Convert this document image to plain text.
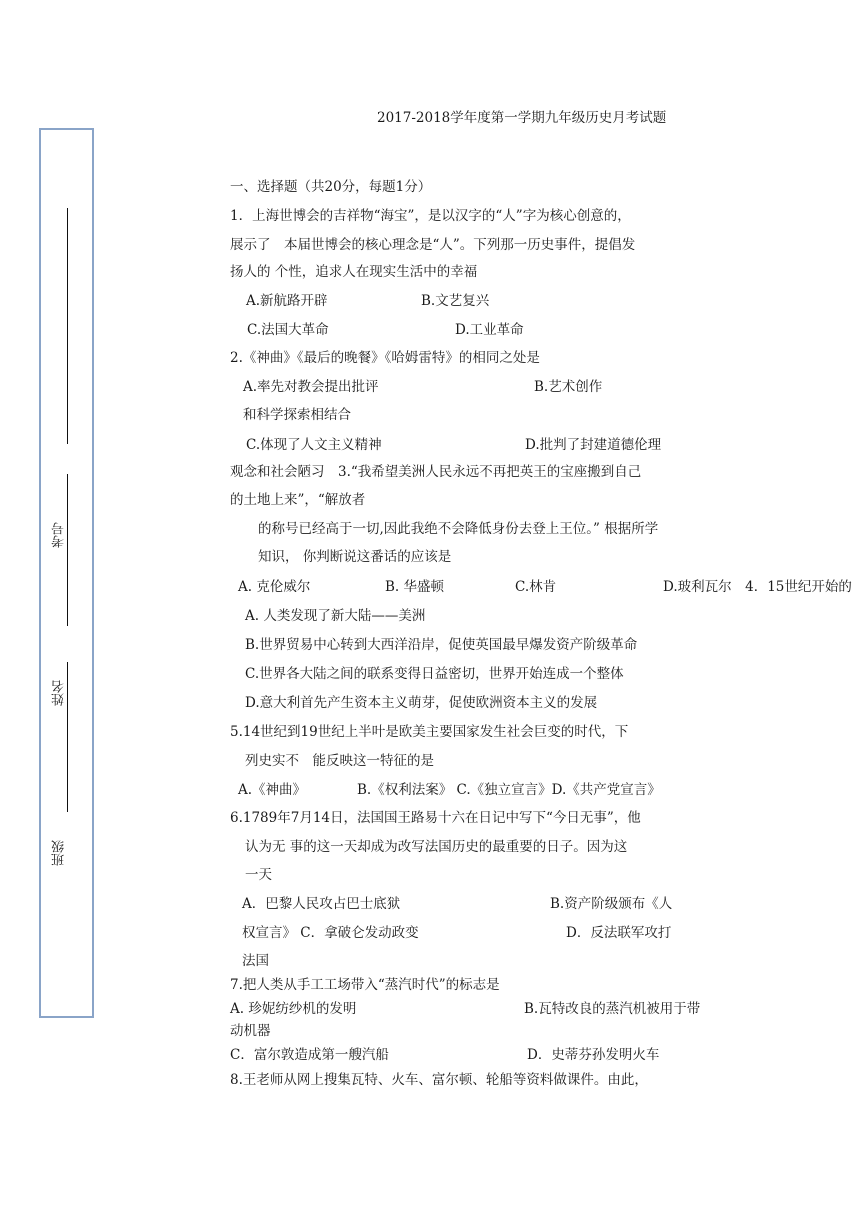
考号
姓名
班级
2017-2018学年度第一学期九年级历史月考试题
一、选择题（共20分，每题1分）
1．上海世博会的吉祥物“海宝”，是以汉字的“人”字为核心创意的，
展示了　本届世博会的核心理念是“人”。下列那一历史事件，提倡发
扬人的 个性，追求人在现实生活中的幸福
A.新航路开辟	B.文艺复兴
C.法国大革命	D.工业革命
2.《神曲》《最后的晚餐》《哈姆雷特》的相同之处是
A.率先对教会提出批评	B.艺术创作
和科学探索相结合
C.体现了人文主义精神	D.批判了封建道德伦理
观念和社会陋习　3.“我希望美洲人民永远不再把英王的宝座搬到自己
的土地上来”，“解放者
的称号已经高于一切,因此我绝不会降低身份去登上王位。” 根据所学
知识， 你判断说这番话的应该是
A. 克伦威尔	B. 华盛顿	C.林肯	D.玻利瓦尔　4．15世纪开始的
A. 人类发现了新大陆——美洲
B.世界贸易中心转到大西洋沿岸，促使英国最早爆发资产阶级革命
C.世界各大陆之间的联系变得日益密切，世界开始连成一个整体
D.意大利首先产生资本主义萌芽，促使欧洲资本主义的发展
5.14世纪到19世纪上半叶是欧美主要国家发生社会巨变的时代，下
列史实不　能反映这一特征的是
A.《神曲》	B.《权利法案》 C.《独立宣言》D.《共产党宣言》
6.1789年7月14日，法国国王路易十六在日记中写下“今日无事”，他
认为无 事的这一天却成为改写法国历史的最重要的日子。因为这
一天
A．巴黎人民攻占巴士底狱	B.资产阶级颁布《人
权宣言》 C．拿破仑发动政变	D．反法联军攻打
法国
7.把人类从手工工场带入“蒸汽时代”的标志是
A. 珍妮纺纱机的发明	B.瓦特改良的蒸汽机被用于带
动机器
C．富尔敦造成第一艘汽船	D．史蒂芬孙发明火车
8.王老师从网上搜集瓦特、火车、富尔顿、轮船等资料做课件。由此，
